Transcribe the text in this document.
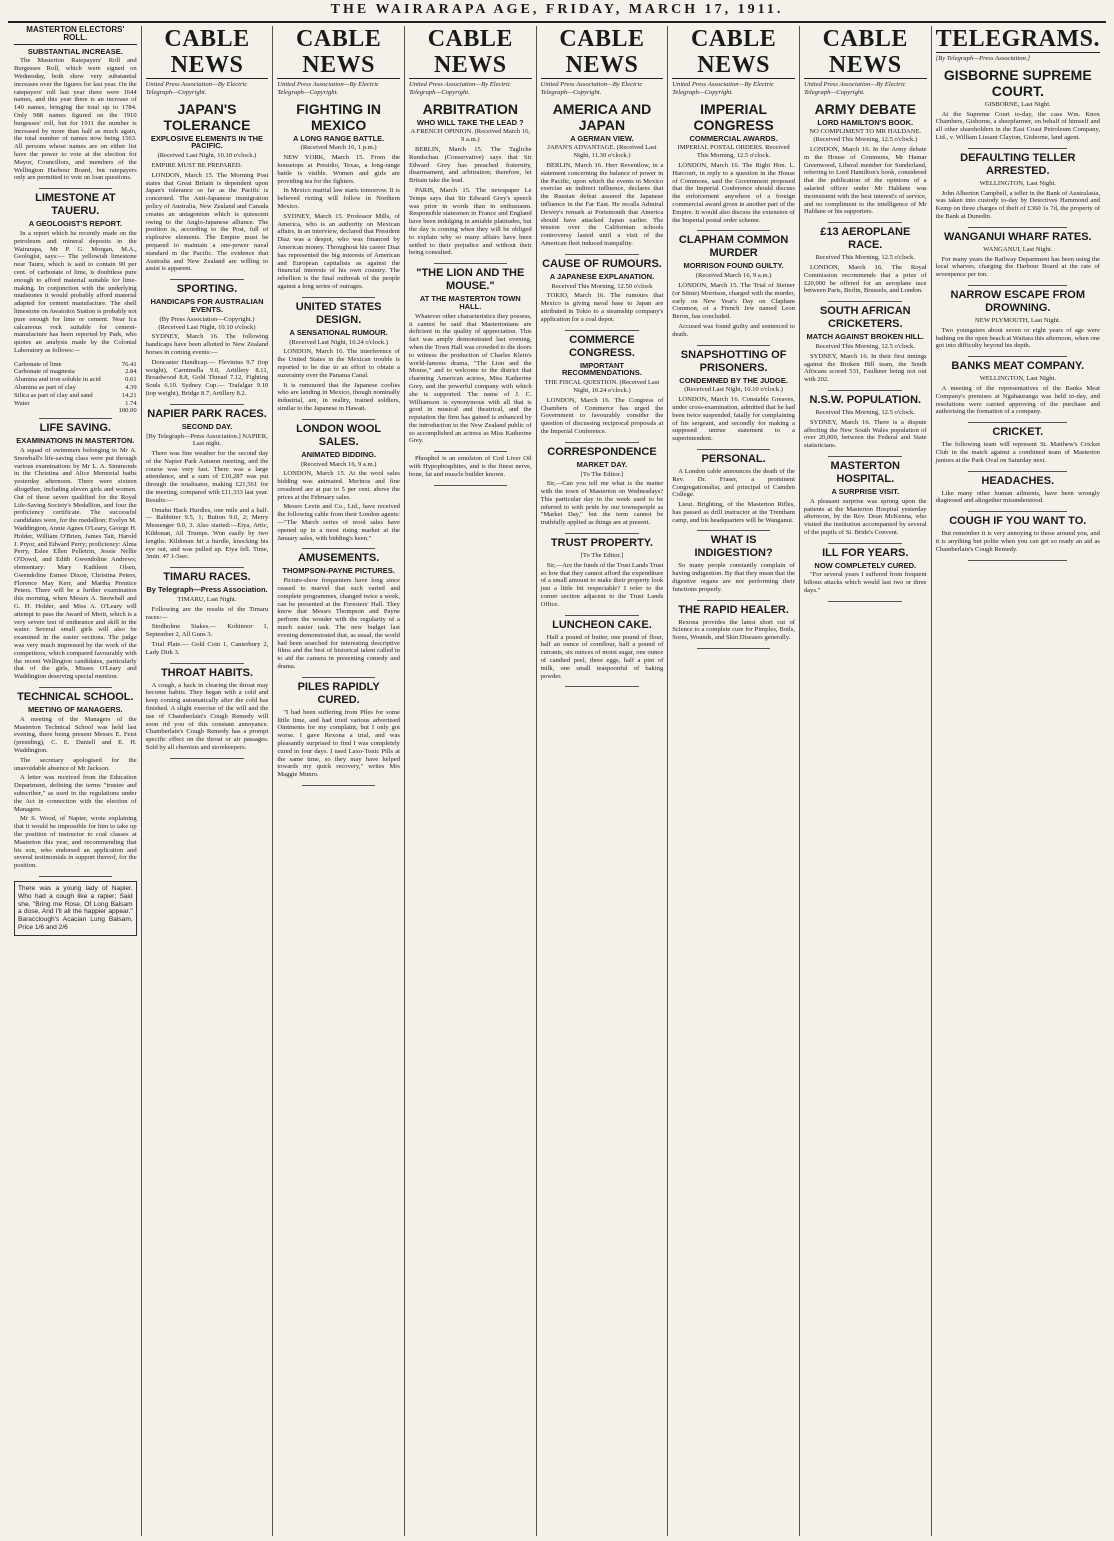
THE WAIRARAPA AGE, FRIDAY, MARCH 17, 1911.
MASTERTON ELECTORS' ROLL.
SUBSTANTIAL INCREASE.

The Masterton Ratepayers' Roll and Burgesses Roll, which were signed on Wednesday, both show very substantial increases over the figures for last year. On the ratepayers' roll last year there were 1644 names, and this year there is an increase of 140 names, bringing the total up to 1784. Only 988 names figured on the 1910 burgesses' roll, but for 1911 the number is increased by more than half as much again, the total number of names now being 1563. All persons whose names are on either list have the power to vote at the election for Mayor, Councillors, and members of the Wellington Harbour Board, but ratepayers only are permitted to vote on loan questions.

LIMESTONE AT TAUERU.
A GEOLOGIST'S REPORT.

In a report which he recently made on the petroleum and mineral deposits in the Wairarapa, Mr P. G. Morgan, M.A., Geologist, says:— The yellowish limestone near Tauru, which is said to contain 90 per cent. of carbonate of lime, is doubtless pure enough to afford material suitable for lime-making. In conjunction with the underlying mudstones it would probably afford material adapted for cement manufacture. The shell limestone on Awatoitoi Station is probably not pure enough for lime or cement. Near Ica calcareous rock suitable for cement-manufacture has been reported by Park, who quotes an analysis made by the Colonial Laboratory as follows:—

Carbonate of lime	76.41
Carbonate of magnesia	2.84
Alumina and iron soluble in acid	0.61
Alumina as part of clay	4.39
Silica as part of clay and sand	14.21
Water	1.74
	100.00
LIFE SAVING.
EXAMINATIONS IN MASTERTON.

A squad of swimmers belonging to Mr A. Snowball's life-saving class were put through various examinations by Mr L. A. Simmonds in the Christina and Alice Memorial baths yesterday afternoon. There were sixteen altogether, including eleven girls and women. Out of these seven qualified for the Royal Life-Saving Society's Medallion, and four the proficiency certificate. The successful candidates were, for the medallion: Evelyn M. Waddington, Annie Agnes O'Leary, George H. Holder, William O'Brien, James Tait, Harold J. Pryor, and Edward Perry; proficiency: Alma Perry, Eslee Ellen Pelletrin, Jessie Nellie O'Dowd, and Edith Gwendoline Andrews; elementary: Mary Kathleen Olsen, Gwendoline Esmee Dixon, Christina Peters, Florence May Kerr, and Martha Prentice Peters. There will be a further examination this morning, when Messrs A. Snowball and G. H. Holder, and Miss A. O'Leary will attempt to pass the Award of Merit, which is a very severe test of endurance and skill in the water. Several small girls will also be examined in the easier sections. The judge was very much impressed by the work of the competitors, which compared favourably with the recent Wellington candidates, particularly that of the girls, Misses O'Leary and Waddington deserving special mention.

TECHNICAL SCHOOL.
MEETING OF MANAGERS.

A meeting of the Managers of the Masterton Technical School was held last evening, there being present Messrs E. Feist (presiding), C. E. Daniell and E. H. Waddington.

The secretary apologised for the unavoidable absence of Mr Jackson.

A letter was received from the Education Department, defining the terms "trustee and subscriber," as used in the regulations under the Act in connection with the election of Managers.

Mr S. Wood, of Napier, wrote explaining that it would be impossible for him to take up the position of instructor to coal classes at Masterton this year, and recommending that his son, who endorsed an application and several testimonials in support thereof, for the position.

There was a young lady of Napier, Who had a cough like a rapier; Said she, "Bring me Rose, Of Long Balsam a dose, And I'll all the happier appear." Baracclough's Acacian Lung Balsam, Price 1/6 and 2/6
CABLE NEWS
United Press Association—By Electric Telegraph—Copyright.
JAPAN'S TOLERANCE
EXPLOSIVE ELEMENTS IN THE PACIFIC.
(Received Last Night, 10.10 o'clock.)

EMPIRE MUST BE PREPARED.

LONDON, March 15. The Morning Post states that Great Britain is dependent upon Japan's tolerance so far as the Pacific is concerned. The Anti-Japanese immigration policy of Australia, New Zealand and Canada creates an antagonism which is quiescent owing to the Anglo-Japanese alliance. The position is, according to the Post, full of explosive elements. The Empire must be prepared to maintain a one-power naval standard in the Pacific. The evidence that Australia and New Zealand are willing to assist is apparent.

SPORTING.
HANDICAPS FOR AUSTRALIAN EVENTS.
(By Press Association—Copyright.) (Received Last Night, 10.10 o'clock)

SYDNEY, March 16. The following handicaps have been allotted to New Zealand horses in coming events:—

Doncaster Handicap.— Flevinius 9.7 (top weight), Carnimella 9.0, Artillery 8.11, Broadwood 8.8, Gold Thread 7.12, Fighting Souls 6.10. Sydney Cup.— Trafalgar 9.10 (top weight), Bridge 8.7, Artillery 8.2.

NAPIER PARK RACES.
SECOND DAY.
[By Telegraph—Press Association.] NAPIER, Last night.

There was fine weather for the second day of the Napier Park Autumn meeting, and the course was very fast. There was a large attendance, and a sum of £10,287 was put through the totalisator, making £21,561 for the meeting, compared with £11,333 last year. Results:—

Omahu Hack Hurdles, one mile and a half.— Rabbitter 9.5, 1; Button 9.0, 2; Merry Messenger 9.0, 3. Also started:—Eiya, Artic, Kildonan, All Trumps. Won easily by two lengths. Kildonan hit a hurdle, knocking his eye out, and was pulled up. Eiya fell. Time, 3min. 47 1-5sec.

TIMARU RACES.
By Telegraph—Press Association.
TIMARU, Last Night.

Following are the results of the Timaru races:—

Stodholme Stakes.— Kohinoor 1, September 2, All Guns 3.

Trial Plate.— Gold Coin 1, Canterbury 2, Lady Dirk 3.

THROAT HABITS.

A cough, a hack in clearing the throat may become habits. They began with a cold and keep coming automatically after the cold has finished. A slight exercise of the will and the use of Chamberlain's Cough Remedy will soon rid you of this constant annoyance. Chamberlain's Cough Remedy has a prompt specific effect on the throat or air passages. Sold by all chemists and storekeepers.

CABLE NEWS
United Press Association—By Electric Telegraph—Copyright.
FIGHTING IN MEXICO
A LONG RANGE BATTLE.
(Received March 16, 1 p.m.)

NEW YORK, March 15. From the housetops at Presidio, Texas, a long-range battle is visible. Women and girls are providing tea for the fighters.

In Mexico martial law starts tomorrow. It is believed rioting will follow in Northern Mexico.

SYDNEY, March 15. Professor Mills, of America, who is an authority on Mexican affairs, in an interview, declared that President Diaz was a despot, who was financed by American money. Throughout his career Diaz has represented the big interests of American and European capitalists as against the financial interests of his own country. The rebellion is the final outbreak of the people against a long series of outrages.

UNITED STATES DESIGN.
A SENSATIONAL RUMOUR.
(Received Last Night, 10.24 o'clock.)

LONDON, March 16. The interference of the United States in the Mexican trouble is reported to be due to an effort to obtain a suzerainty over the Panama Canal.

It is rumoured that the Japanese coolies who are landing in Mexico, though nominally industrial, are, in reality, trained soldiers, similar to the Japanese in Hawaii.

LONDON WOOL SALES.
ANIMATED BIDDING.
(Received March 16, 9 a.m.)

LONDON, March 15. At the wool sales bidding was animated. Merinos and fine crossbred are at par to 5 per cent. above the prices at the February sales.

Messrs Levin and Co., Ltd., have received the following cable from their London agents:—"The March series of wool sales have opened up in a most rising market at the January sales, with bidding's keen."

AMUSEMENTS.
THOMPSON-PAYNE PICTURES.

Picture-show frequenters have long since ceased to marvel that such varied and complete programmes, changed twice a week, can be presented at the Foresters' Hall. They know that Messrs Thompson and Payne perform the wonder with the regularity of a much easier task. The new budget last evening demonstrated that, as usual, the world had been searched for interesting descriptive films and the best of historical talent called in to aid the camera in presenting comedy and drama.

PILES RAPIDLY CURED.

"I had been suffering from Piles for some little time, and had tried various advertised Ointments for my complaint, but I only got worse. I gave Rexona a trial, and was pleasantly surprised to find I was completely cured in four days. I used Laxo-Tonic Pills at the same time, so they may have helped towards my quick recovery," writes Mrs Maggie Munro.

CABLE NEWS
United Press Association—By Electric Telegraph—Copyright.
ARBITRATION
WHO WILL TAKE THE LEAD ?
A FRENCH OPINION. (Received March 16, 9 a.m.)

BERLIN, March 15. The Tagliche Rundschau (Conservative) says that Sir Edward Grey has preached fraternity, disarmament, and arbitration; therefore, let Britain take the lead.

PARIS, March 15. The newspaper Le Temps says that Sir Edward Grey's speech was prior in words than in enthusiasm. Responsible statesmen in France and England have been indulging in amiable platitudes, but the day is coming when they will be obliged to explain why so many affairs have been settled to their prejudice and without their being consulted.

"THE LION AND THE MOUSE."
AT THE MASTERTON TOWN HALL.

Whatever other characteristics they possess, it cannot be said that Mastertonians are deficient in the quality of appreciation. This fact was amply demonstrated last evening, when the Town Hall was crowded to the doors to witness the production of Charles Klein's world-famous drama, "The Lion and the Mouse," and to welcome to the district that charming American actress, Miss Katherine Grey, and the powerful company with which she is supported. The name of J. C. Williamson is synonymous with all that is good in musical and theatrical, and the reputation the firm has gained is enhanced by the introduction to the New Zealand public of so accomplished an actress as Miss Katherine Grey.

Phosphol is an emulsion of Cod Liver Oil with Hypophosphites, and is the finest nerve, bone, fat and muscle builder known.

CABLE NEWS
United Press Association—By Electric Telegraph—Copyright.
AMERICA AND JAPAN
A GERMAN VIEW.
JAPAN'S ADVANTAGE. (Received Last Night, 11.30 o'clock.)

BERLIN, March 16. Herr Reventlow, in a statement concerning the balance of power in the Pacific, upon which the events in Mexico exercise an indirect influence, declares that the Russian defeat assured the Japanese influence in the Far East. He recalls Admiral Dewey's remark at Portsmouth that America should have attacked Japan earlier. The tension over the Californian schools controversy lasted until a visit of the American fleet induced tranquility.

CAUSE OF RUMOURS.
A JAPANESE EXPLANATION.
Received This Morning, 12.50 o'clock

TOKIO, March 16. The rumours that Mexico is giving naval base to Japan are attributed in Tokio to a steamship company's application for a coal depot.

COMMERCE CONGRESS.
IMPORTANT RECOMMENDATIONS.
THE FISCAL QUESTION. (Received Last Night, 10.24 o'clock.)

LONDON, March 16. The Congress of Chambers of Commerce has urged the Government to favourably consider the question of discussing reciprocal proposals at the Imperial Conference.

CORRESPONDENCE
MARKET DAY.
[To The Editor.]

Sir,—Can you tell me what is the matter with the town of Masterton on Wednesdays? This particular day in the week used to be referred to with pride by our townspeople as "Market Day," but the term cannot be truthfully applied as things are at present.

TRUST PROPERTY.
[To The Editor.]

Sir,—Are the funds of the Trust Lands Trust so low that they cannot afford the expenditure of a small amount to make their property look just a little bit respectable? I refer to the corner section adjacent to the Trust Lands Office.

LUNCHEON CAKE.

Half a pound of butter, one pound of flour, half an ounce of cornflour, half a pound of currants, six ounces of moist sugar, one ounce of candied peel, three eggs, half a pint of milk, one small teaspoonful of baking powder.

CABLE NEWS
United Press Association—By Electric Telegraph—Copyright.
IMPERIAL CONGRESS
COMMERCIAL AWARDS.
IMPERIAL POSTAL ORDERS. Received This Morning, 12.5 o'clock.

LONDON, March 16. The Right Hon. L. Harcourt, in reply to a question in the House of Commons, said the Government proposed that the Imperial Conference should discuss the enforcement anywhere of a foreign commercial award given in another part of the Empire. It would also discuss the extension of the Imperial postal order scheme.

CLAPHAM COMMON MURDER
MORRISON FOUND GUILTY.
(Received March 16, 9 a.m.)

LONDON, March 15. The Trial of Steiner (or Stinie) Morrison, charged with the murder, early on New Year's Day on Clapham Common, of a French Jew named Leon Beron, has concluded.

Accused was found guilty and sentenced to death.

SNAPSHOTTING OF PRISONERS.
CONDEMNED BY THE JUDGE.
(Received Last Night, 10.10 o'clock.)

LONDON, March 16. Constable Greaves, under cross-examination, admitted that he had been twice suspended, fatally for complaining of his sergeant, and secondly for making a supposed untrue statement to a superintendent.

PERSONAL.

A London cable announces the death of the Rev. Dr. Fraser, a prominent Congregationalist, and principal of Camden College.

Lieut. Brighting, of the Masterton Rifles, has passed as drill instructor at the Trentham camp, and his headquarters will be Wanganui.

WHAT IS INDIGESTION?

So many people constantly complain of having indigestion. By that they mean that the digestive organs are not performing their functions properly.

THE RAPID HEALER.

Rexona provides the latest short cut of Science to a complete cure for Pimples, Boils, Sores, Wounds, and Skin Diseases generally.

CABLE NEWS
United Press Association—By Electric Telegraph—Copyright.
ARMY DEBATE
LORD HAMILTON'S BOOK.
NO COMPLIMENT TO MR HALDANE. (Received This Morning, 12.5 o'clock.)

LONDON, March 16. In the Army debate in the House of Commons, Mr Hamar Greenwood, Liberal member for Sunderland, referring to Lord Hamilton's book, considered that the publication of the opinions of a salaried officer under Mr Haldane was inconsistent with the best interest's of service, and no compliment to the intelligence of Mr Haldane or his supporters.

£13 AEROPLANE RACE.
Received This Morning, 12.5 o'clock.

LONDON, March 16. The Royal Commission recommends that a prize of £20,000 be offered for an aeroplane race between Paris, Berlin, Brussels, and London.

SOUTH AFRICAN CRICKETERS.
MATCH AGAINST BROKEN HILL.
Received This Morning, 12.5 o'clock.

SYDNEY, March 16. In their first innings against the Broken Hill team, the South Africans scored 531, Faulkner being not out with 202.

N.S.W. POPULATION.
Received This Morning, 12.5 o'clock.

SYDNEY, March 16. There is a dispute affecting the New South Wales population of over 20,000, between the Federal and State statisticians.

MASTERTON HOSPITAL.
A SURPRISE VISIT.

A pleasant surprise was sprung upon the patients at the Masterton Hospital yesterday afternoon, by the Rev. Dean McKenna, who visited the institution accompanied by several of the pupils of St. Bride's Convent.

ILL FOR YEARS.
NOW COMPLETELY CURED.

"For several years I suffered from frequent bilious attacks which would last two or three days."

TELEGRAMS.
[By Telegraph—Press Association.]
GISBORNE SUPREME COURT.
GISBORNE, Last Night.

At the Supreme Court to-day, the case Wm. Knox Chambers, Gisborne, a sheepfarmer, on behalf of himself and all other shareholders in the East Coast Petroleum Company, Ltd., v. William Lissant Clayton, Gisborne, land agent.

DEFAULTING TELLER ARRESTED.
WELLINGTON, Last Night.

John Alberton Campbell, a teller in the Bank of Australasia, was taken into custody to-day by Detectives Hammond and Kemp on three charges of theft of £360 1s 7d, the property of the Bank at Dunedin.

WANGANUI WHARF RATES.
WANGANUI, Last Night.

For many years the Railway Department has been using the local wharves, charging the Harbour Board at the rate of sevenpence per ton.

NARROW ESCAPE FROM DROWNING.
NEW PLYMOUTH, Last Night.

Two youngsters about seven or eight years of age were bathing on the open beach at Waitara this afternoon, when one got into difficulty beyond his depth.

BANKS MEAT COMPANY.
WELLINGTON, Last Night.

A meeting of the representatives of the Banks Meat Company's premises at Ngahauranga was held to-day, and resolutions were carried approving of the purchase and authorising the formation of a company.

CRICKET.

The following team will represent St. Matthew's Cricket Club in the match against a combined team of Masterton juniors at the Park Oval on Saturday next.

HEADACHES.

Like many other human ailments, have been wrongly diagnosed and altogether misunderstood.

COUGH IF YOU WANT TO.

But remember it is very annoying to those around you, and it is anything but polite when you can get so ready an aid as Chamberlain's Cough Remedy.
